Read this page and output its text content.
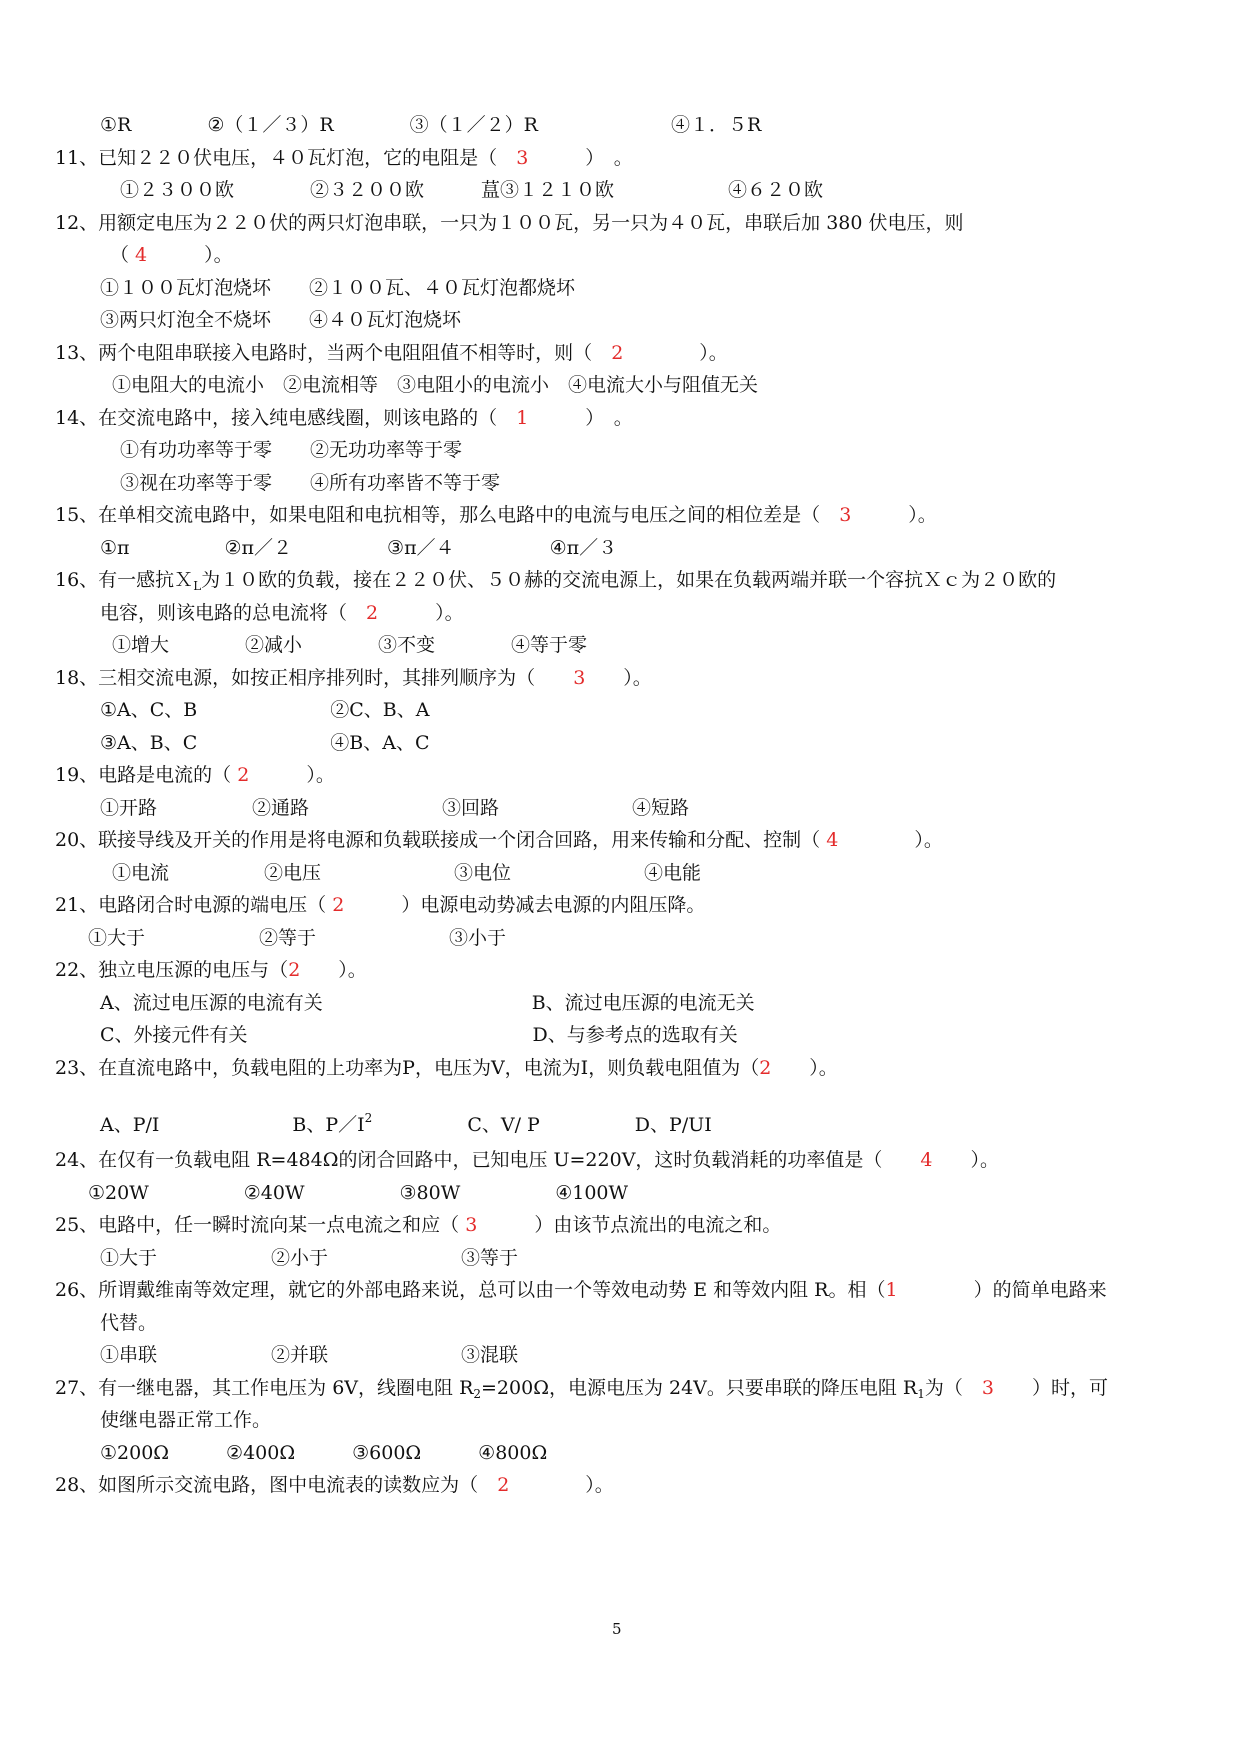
①R　　　　②（１／３）R　　　　③（１／２）R　　　　　　　④１．５R
11、已知２２０伏电压，４０瓦灯泡，它的电阻是（　3　　　）　。
①２３００欧　　　　②３２００欧　　　蒀③１２１０欧　　　　　　④６２０欧
12、用额定电压为２２０伏的两只灯泡串联，一只为１００瓦，另一只为４０瓦，串联后加 380 伏电压，则
（ 4　　　）。
①１００瓦灯泡烧坏　　②１００瓦、４０瓦灯泡都烧坏
③两只灯泡全不烧坏　　④４０瓦灯泡烧坏
13、两个电阻串联接入电路时，当两个电阻阻值不相等时，则（　2　　　　）。
①电阻大的电流小　②电流相等　③电阻小的电流小　④电流大小与阻值无关
14、在交流电路中，接入纯电感线圈，则该电路的（　1　　　）　。
①有功功率等于零　　②无功功率等于零
③视在功率等于零　　④所有功率皆不等于零
15、在单相交流电路中，如果电阻和电抗相等，那么电路中的电流与电压之间的相位差是（　3　　　）。
①π　　　　　②π／２　　　　　③π／４　　　　　④π／３
16、有一感抗Ｘ$_L$为１０欧的负载，接在２２０伏、５０赫的交流电源上，如果在负载两端并联一个容抗Ｘｃ为２０欧的
电容，则该电路的总电流将（　2　　　）。
①增大　　　　②减小　　　　③不变　　　　④等于零
18、三相交流电源，如按正相序排列时，其排列顺序为（　　3　　）。
①A、C、B　　　　　　　②C、B、A
③A、B、C　　　　　　　④B、A、C
19、电路是电流的（ 2　　　）。
①开路　　　　　②通路　　　　　　　③回路　　　　　　　④短路
20、联接导线及开关的作用是将电源和负载联接成一个闭合回路，用来传输和分配、控制（ 4　　　　）。
①电流　　　　　②电压　　　　　　　③电位　　　　　　　④电能
21、电路闭合时电源的端电压（ 2　　　）电源电动势减去电源的内阻压降。
①大于　　　　　　②等于　　　　　　　③小于
22、独立电压源的电压与（2　　）。
A、流过电压源的电流有关　　　　　　　　　　　B、流过电压源的电流无关
C、外接元件有关　　　　　　　　　　　　　　　D、与参考点的选取有关
23、在直流电路中，负载电阻的上功率为P，电压为V，电流为I，则负载电阻值为（2　　）。
A、P/I　　　　　　　B、$P/I^2$　　　　　C、V/ P　　　　　D、P/UI
24、在仅有一负载电阻 R=484Ω的闭合回路中，已知电压 U=220V，这时负载消耗的功率值是（　　4　　）。
①20W　　　　　②40W　　　　　③80W　　　　　④100W
25、电路中，任一瞬时流向某一点电流之和应（ 3　　　）由该节点流出的电流之和。
①大于　　　　　　②小于　　　　　　　③等于
26、所谓戴维南等效定理，就它的外部电路来说，总可以由一个等效电动势 E 和等效内阻 R。相（1　　　　）的简单电路来
代替。
①串联　　　　　　②并联　　　　　　　③混联
27、有一继电器，其工作电压为 6V，线圈电阻 $R_2=200\Omega$，电源电压为 24V。只要串联的降压电阻 $R_1$为（　3　　）时，可
使继电器正常工作。
①200Ω　　　②400Ω　　　③600Ω　　　④800Ω
28、如图所示交流电路，图中电流表的读数应为（　2　　　　）。
5
